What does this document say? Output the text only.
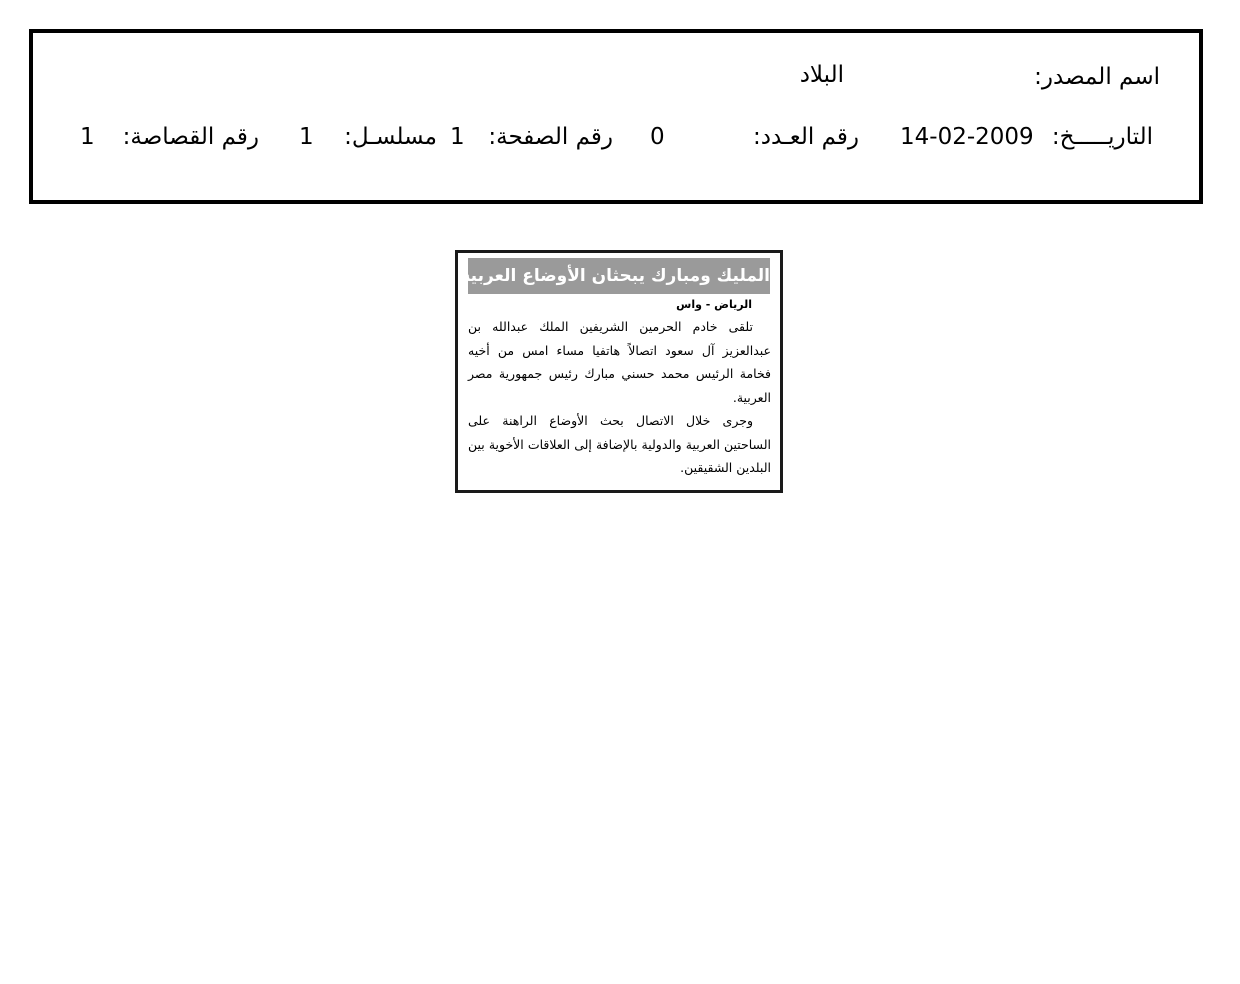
اسم المصدر:
البلاد
التاريـــــخ:
14-02-2009
رقم العـدد:
0
رقم الصفحة:
1
مسلسـل:
1
رقم القصاصة:
1
المليك ومبارك يبحثان الأوضاع العربية والدولية
الرياض - واس

تلقى خادم الحرمين الشريفين الملك عبدالله بن عبدالعزيز آل سعود اتصالاً هاتفيا مساء امس من أخيه فخامة الرئيس محمد حسني مبارك رئيس جمهورية مصر العربية.

وجرى خلال الاتصال بحث الأوضاع الراهنة على الساحتين العربية والدولية بالإضافة إلى العلاقات الأخوية بين البلدين الشقيقين.
